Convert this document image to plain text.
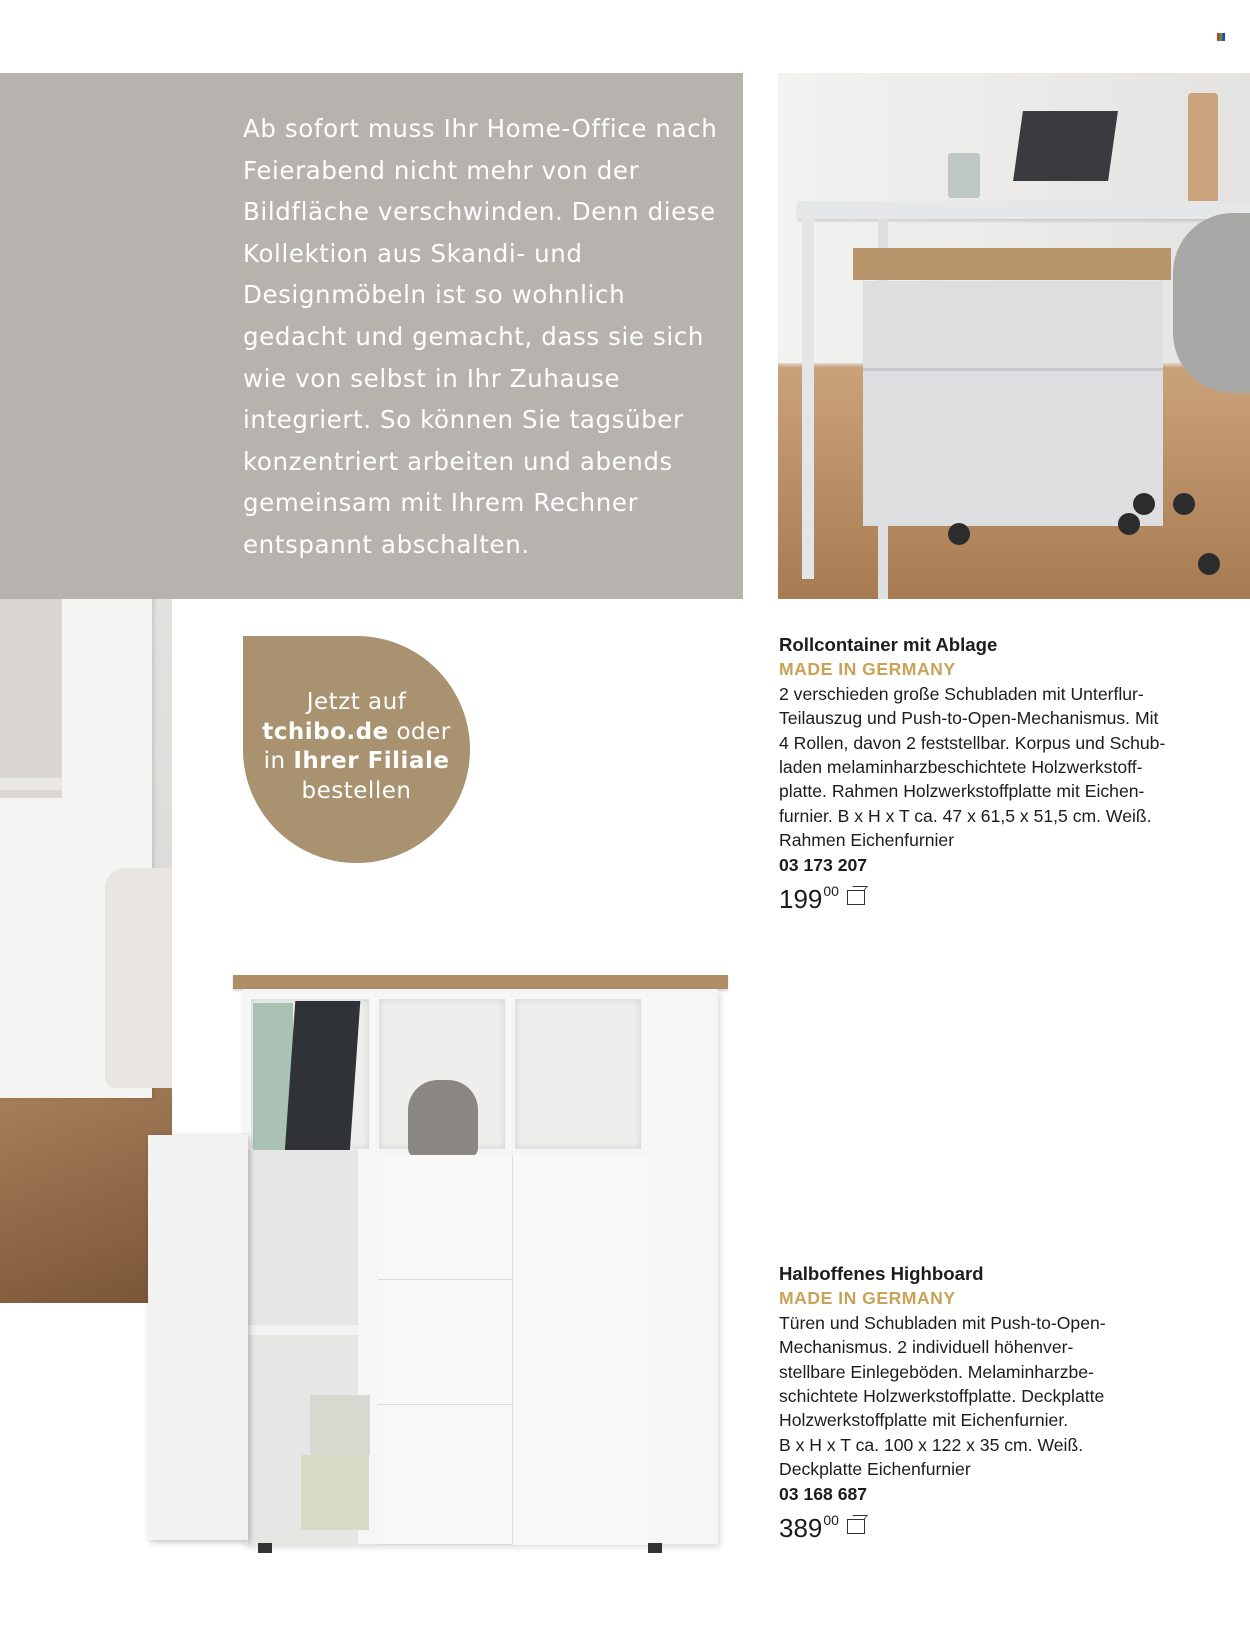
Ab sofort muss Ihr Home-Office nach Feierabend nicht mehr von der Bildfläche verschwinden. Denn diese Kollektion aus Skandi- und Designmöbeln ist so wohnlich gedacht und gemacht, dass sie sich wie von selbst in Ihr Zuhause integriert. So können Sie tagsüber konzentriert arbeiten und abends gemeinsam mit Ihrem Rechner entspannt abschalten.

Jetzt auf
tchibo.de oder
in Ihrer Filiale
bestellen
Rollcontainer mit Ablage
MADE IN GERMANY
2 verschieden große Schubladen mit Unterflur-
Teilauszug und Push-to-Open-Mechanismus. Mit
4 Rollen, davon 2 feststellbar. Korpus und Schub-
laden melaminharzbeschichtete Holzwerkstoff-
platte. Rahmen Holzwerkstoffplatte mit Eichen-
furnier. B x H x T ca. 47 x 61,5 x 51,5 cm. Weiß.
Rahmen Eichenfurnier
03 173 207
199 00
Halboffenes Highboard
MADE IN GERMANY
Türen und Schubladen mit Push-to-Open-
Mechanismus. 2 individuell höhenver-
stellbare Einlegeböden. Melaminharzbe-
schichtete Holzwerkstoffplatte. Deckplatte
Holzwerkstoffplatte mit Eichenfurnier.
B x H x T ca. 100 x 122 x 35 cm. Weiß.
Deckplatte Eichenfurnier
03 168 687
389 00
